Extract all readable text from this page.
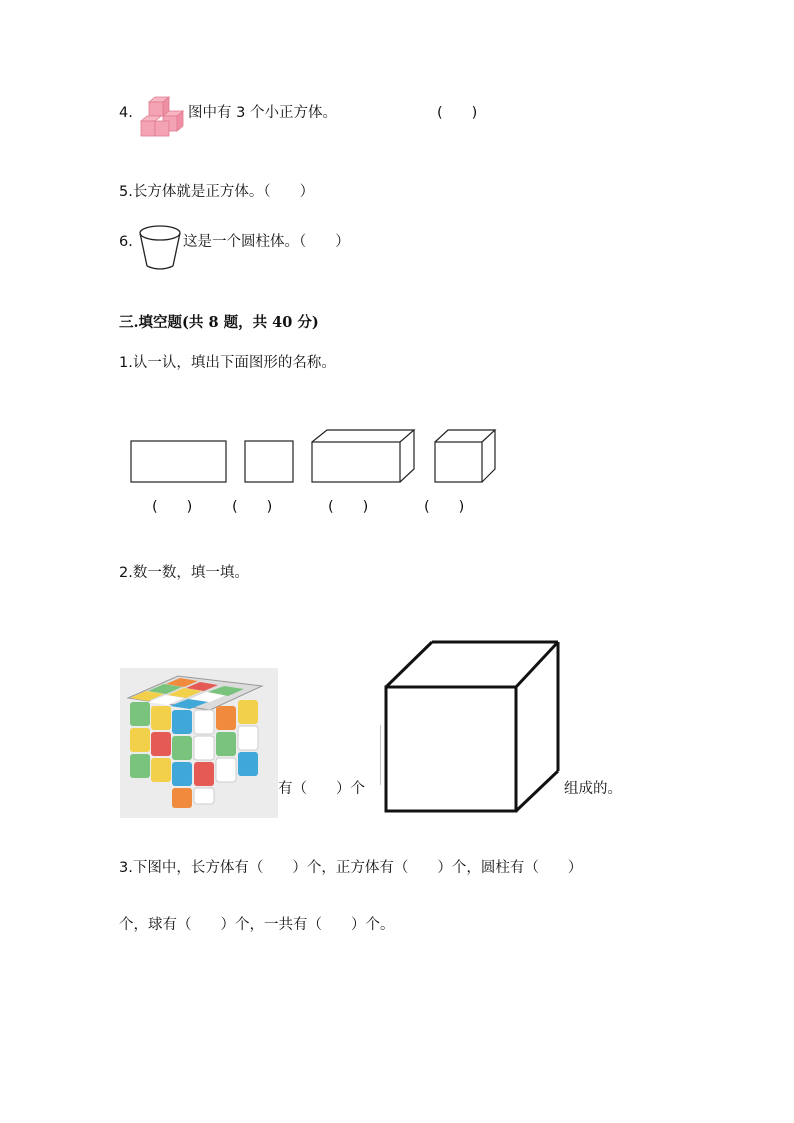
4.	图中有 3 个小正方体。	(　　)
5.长方体就是正方体。（　　）
6.	这是一个圆柱体。（　　）
三.填空题(共 8 题，共 40 分)
1.认一认，填出下面图形的名称。
(　　)	(　　)	(　　)	(　　)
2.数一数，填一填。
有（　　）个	组成的。
3.下图中，长方体有（　　）个，正方体有（　　）个，圆柱有（　　）
个，球有（　　）个，一共有（　　）个。
